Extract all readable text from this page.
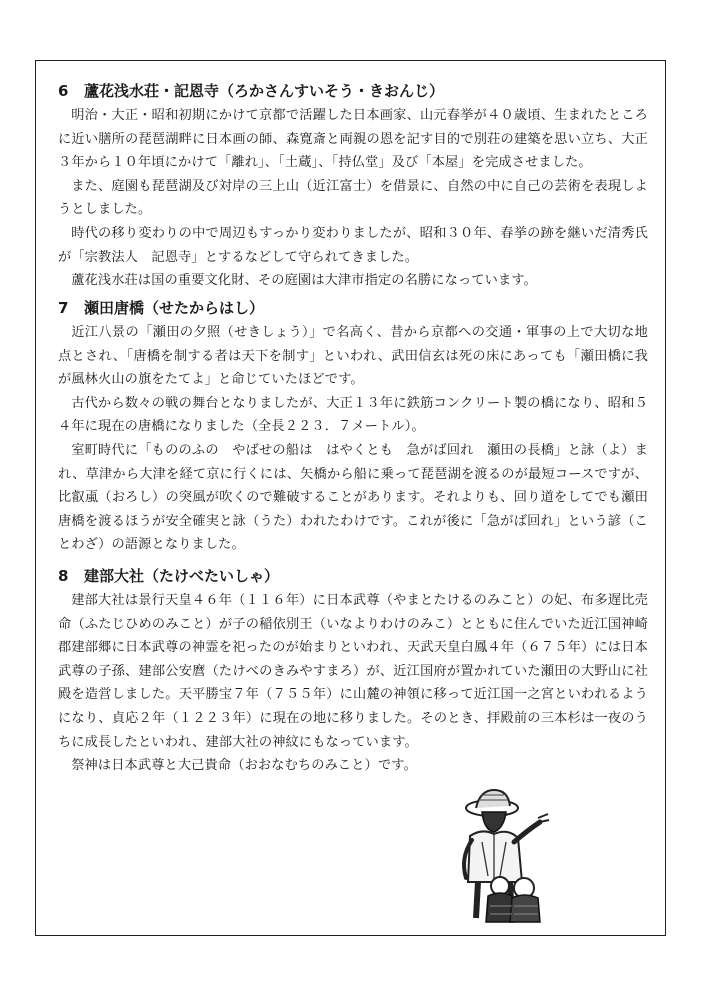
6 蘆花浅水荘・記恩寺（ろかさんすいそう・きおんじ）

明治・大正・昭和初期にかけて京都で活躍した日本画家、山元春挙が４０歳頃、生まれたところに近い膳所の琵琶湖畔に日本画の師、森寛斎と両親の恩を記す目的で別荘の建築を思い立ち、大正３年から１０年頃にかけて「離れ」、「土蔵」、「持仏堂」及び「本屋」を完成させました。

また、庭園も琵琶湖及び対岸の三上山（近江富士）を借景に、自然の中に自己の芸術を表現しようとしました。

時代の移り変わりの中で周辺もすっかり変わりましたが、昭和３０年、春挙の跡を継いだ清秀氏が「宗教法人　記恩寺」とするなどして守られてきました。

蘆花浅水荘は国の重要文化財、その庭園は大津市指定の名勝になっています。

7 瀬田唐橋（せたからはし）

近江八景の「瀬田の夕照（せきしょう）」で名高く、昔から京都への交通・軍事の上で大切な地点とされ、「唐橋を制する者は天下を制す」といわれ、武田信玄は死の床にあっても「瀬田橋に我が風林火山の旗をたてよ」と命じていたほどです。

古代から数々の戦の舞台となりましたが、大正１３年に鉄筋コンクリート製の橋になり、昭和５４年に現在の唐橋になりました（全長２２３．７メートル）。

室町時代に「もののふの　やばせの船は　はやくとも　急がば回れ　瀬田の長橋」と詠（よ）まれ、草津から大津を経て京に行くには、矢橋から船に乗って琵琶湖を渡るのが最短コースですが、比叡颪（おろし）の突風が吹くので難破することがあります。それよりも、回り道をしてでも瀬田唐橋を渡るほうが安全確実と詠（うた）われたわけです。これが後に「急がば回れ」という諺（ことわざ）の語源となりました。

8 建部大社（たけべたいしゃ）

建部大社は景行天皇４６年（１１６年）に日本武尊（やまとたけるのみこと）の妃、布多遅比売命（ふたじひめのみこと）が子の稲依別王（いなよりわけのみこ）とともに住んでいた近江国神崎郡建部郷に日本武尊の神霊を祀ったのが始まりといわれ、天武天皇白鳳４年（６７５年）には日本武尊の子孫、建部公安麿（たけべのきみやすまろ）が、近江国府が置かれていた瀬田の大野山に社殿を造営しました。天平勝宝７年（７５５年）に山麓の神領に移って近江国一之宮といわれるようになり、貞応２年（１２２３年）に現在の地に移りました。そのとき、拝殿前の三本杉は一夜のうちに成長したといわれ、建部大社の神紋にもなっています。

祭神は日本武尊と大己貴命（おおなむちのみこと）です。
